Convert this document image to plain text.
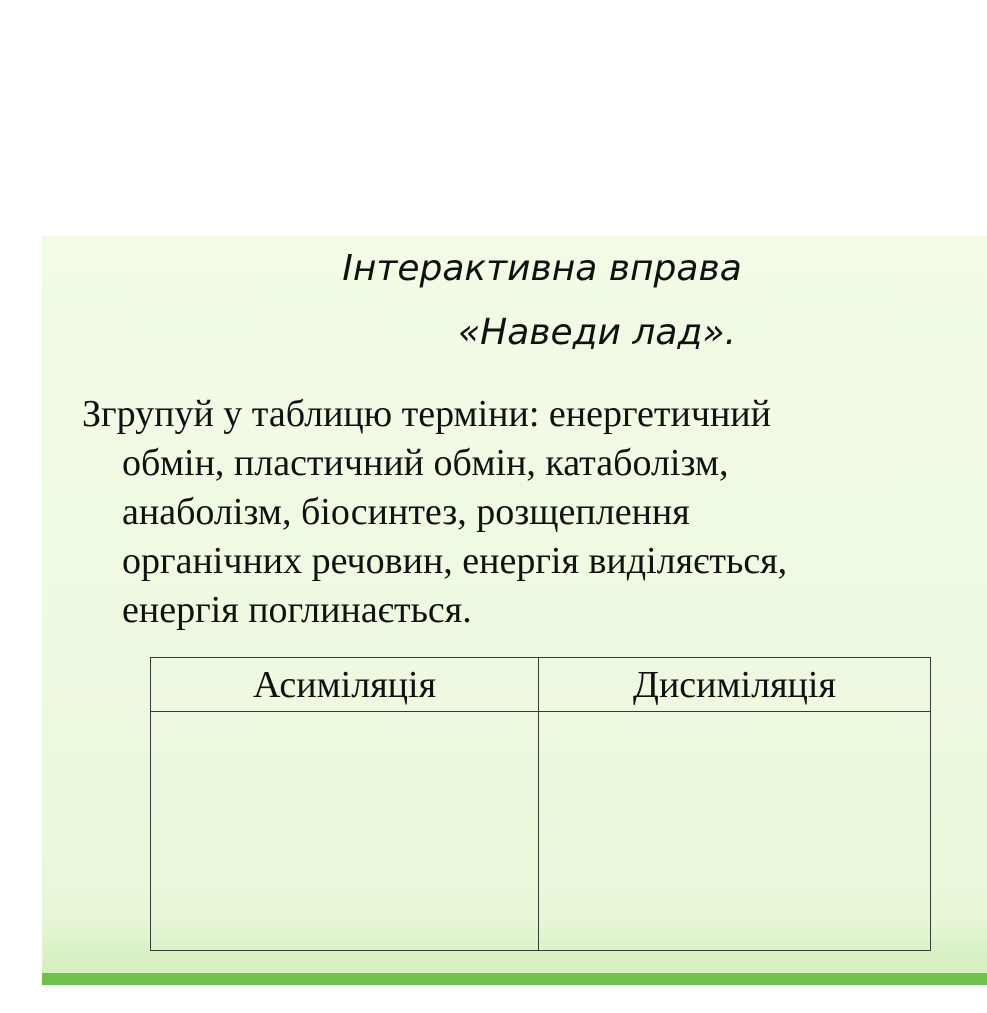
Інтерактивна вправа
«Наведи лад».

Згрупуй у таблицю терміни: енергетичний
обмін, пластичний обмін, катаболізм,
анаболізм, біосинтез, розщеплення
органічних речовин, енергія виділяється,
енергія поглинається.

Асиміляція	Дисиміляція
